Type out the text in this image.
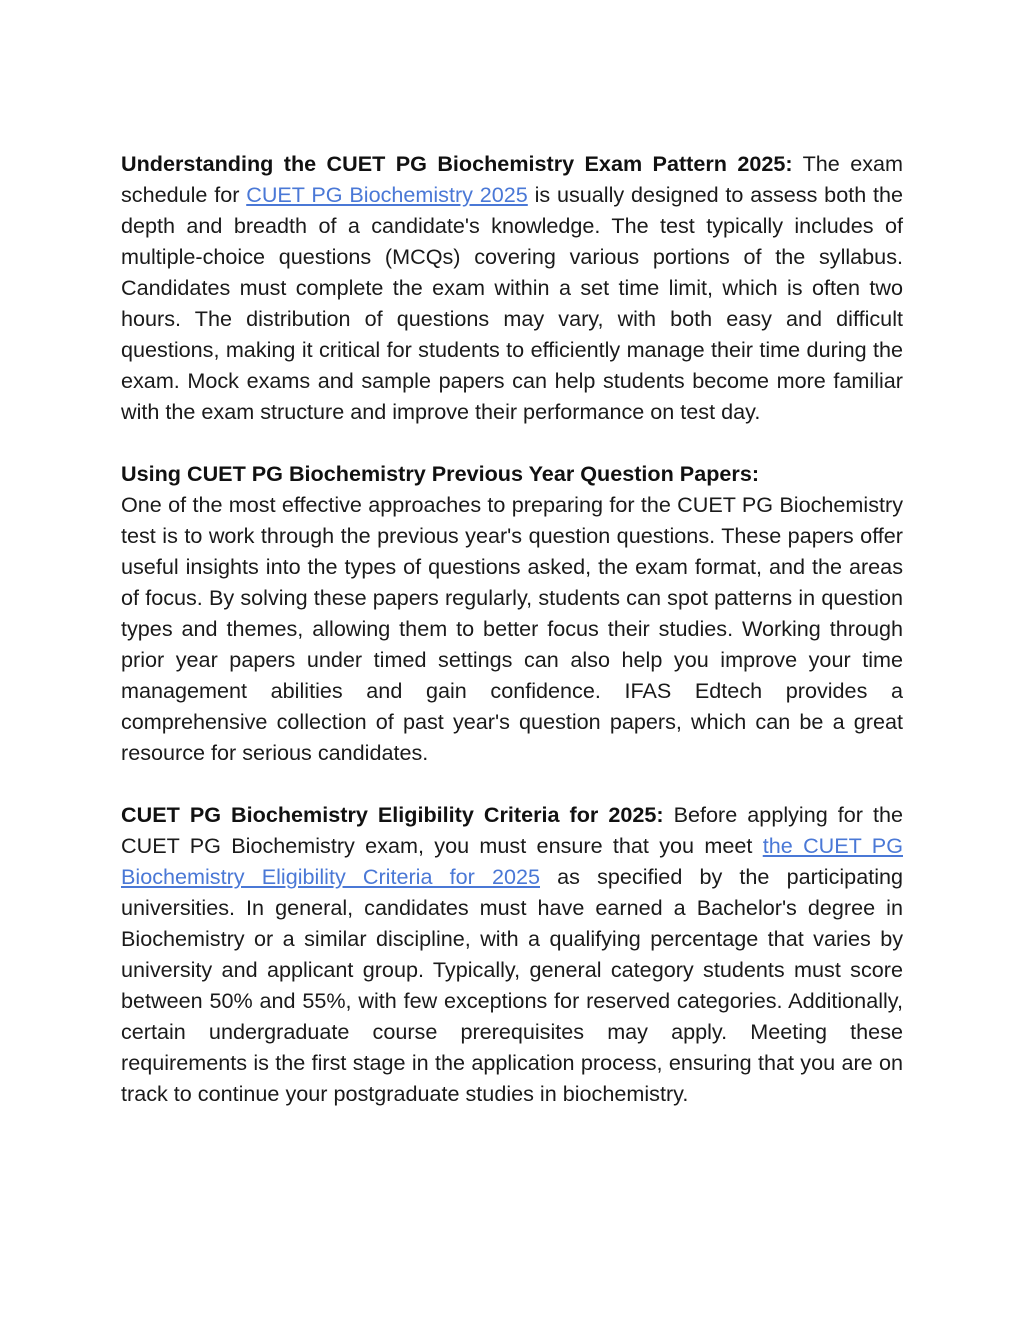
Understanding the CUET PG Biochemistry Exam Pattern 2025: The exam schedule for CUET PG Biochemistry 2025 is usually designed to assess both the depth and breadth of a candidate's knowledge. The test typically includes of multiple-choice questions (MCQs) covering various portions of the syllabus. Candidates must complete the exam within a set time limit, which is often two hours. The distribution of questions may vary, with both easy and difficult questions, making it critical for students to efficiently manage their time during the exam. Mock exams and sample papers can help students become more familiar with the exam structure and improve their performance on test day.

Using CUET PG Biochemistry Previous Year Question Papers:
One of the most effective approaches to preparing for the CUET PG Biochemistry test is to work through the previous year's question questions. These papers offer useful insights into the types of questions asked, the exam format, and the areas of focus. By solving these papers regularly, students can spot patterns in question types and themes, allowing them to better focus their studies. Working through prior year papers under timed settings can also help you improve your time management abilities and gain confidence. IFAS Edtech provides a comprehensive collection of past year's question papers, which can be a great resource for serious candidates.

CUET PG Biochemistry Eligibility Criteria for 2025: Before applying for the CUET PG Biochemistry exam, you must ensure that you meet the CUET PG Biochemistry Eligibility Criteria for 2025 as specified by the participating universities. In general, candidates must have earned a Bachelor's degree in Biochemistry or a similar discipline, with a qualifying percentage that varies by university and applicant group. Typically, general category students must score between 50% and 55%, with few exceptions for reserved categories. Additionally, certain undergraduate course prerequisites may apply. Meeting these requirements is the first stage in the application process, ensuring that you are on track to continue your postgraduate studies in biochemistry.
